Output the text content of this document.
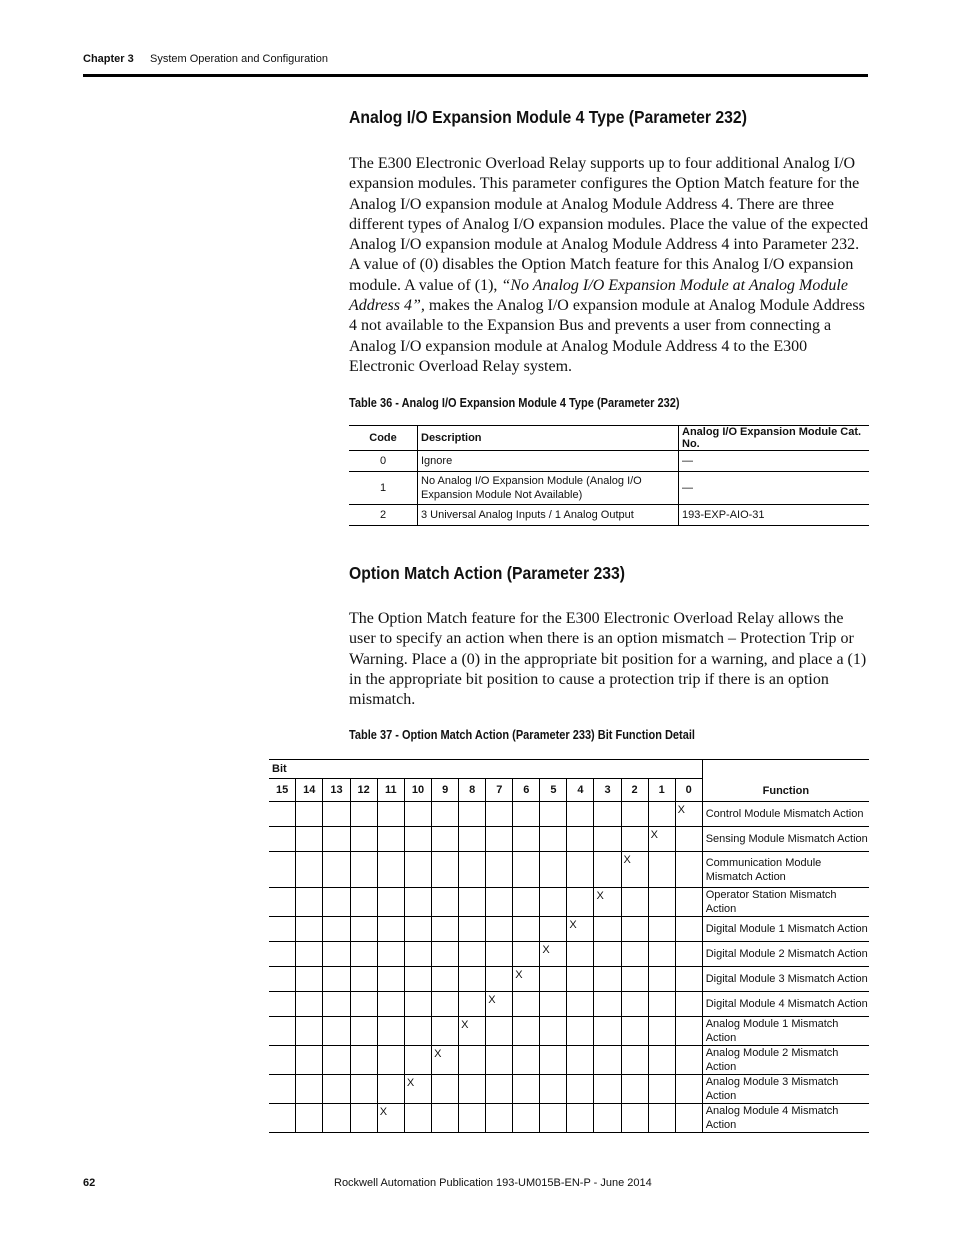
Chapter 3 System Operation and Configuration
Analog I/O Expansion Module 4 Type (Parameter 232)

The E300 Electronic Overload Relay supports up to four additional Analog I/O expansion modules. This parameter configures the Option Match feature for the Analog I/O expansion module at Analog Module Address 4. There are three different types of Analog I/O expansion modules. Place the value of the expected Analog I/O expansion module at Analog Module Address 4 into Parameter 232. A value of (0) disables the Option Match feature for this Analog I/O expansion module. A value of (1), “No Analog I/O Expansion Module at Analog Module Address 4”, makes the Analog I/O expansion module at Analog Module Address 4 not available to the Expansion Bus and prevents a user from connecting a Analog I/O expansion module at Analog Module Address 4 to the E300 Electronic Overload Relay system.

Table 36 - Analog I/O Expansion Module 4 Type (Parameter 232)

Code	Description	Analog I/O Expansion Module Cat. No.
0	Ignore	—
1	No Analog I/O Expansion Module (Analog I/O Expansion Module Not Available)	—
2	3 Universal Analog Inputs / 1 Analog Output	193-EXP-AIO-31
Option Match Action (Parameter 233)

The Option Match feature for the E300 Electronic Overload Relay allows the user to specify an action when there is an option mismatch – Protection Trip or Warning. Place a (0) in the appropriate bit position for a warning, and place a (1) in the appropriate bit position to cause a protection trip if there is an option mismatch.

Table 37 - Option Match Action (Parameter 233) Bit Function Detail

Bit																Function
15	14	13	12	11	10	9	8	7	6	5	4	3	2	1	0	
															X	Control Module Mismatch Action
														X		Sensing Module Mismatch Action
													X			Communication Module Mismatch Action
												X				Operator Station Mismatch Action
											X					Digital Module 1 Mismatch Action
										X						Digital Module 2 Mismatch Action
									X							Digital Module 3 Mismatch Action
								X								Digital Module 4 Mismatch Action
							X									Analog Module 1 Mismatch Action
						X										Analog Module 2 Mismatch Action
					X											Analog Module 3 Mismatch Action
				X												Analog Module 4 Mismatch Action
62	Rockwell Automation Publication 193-UM015B-EN-P - June 2014
